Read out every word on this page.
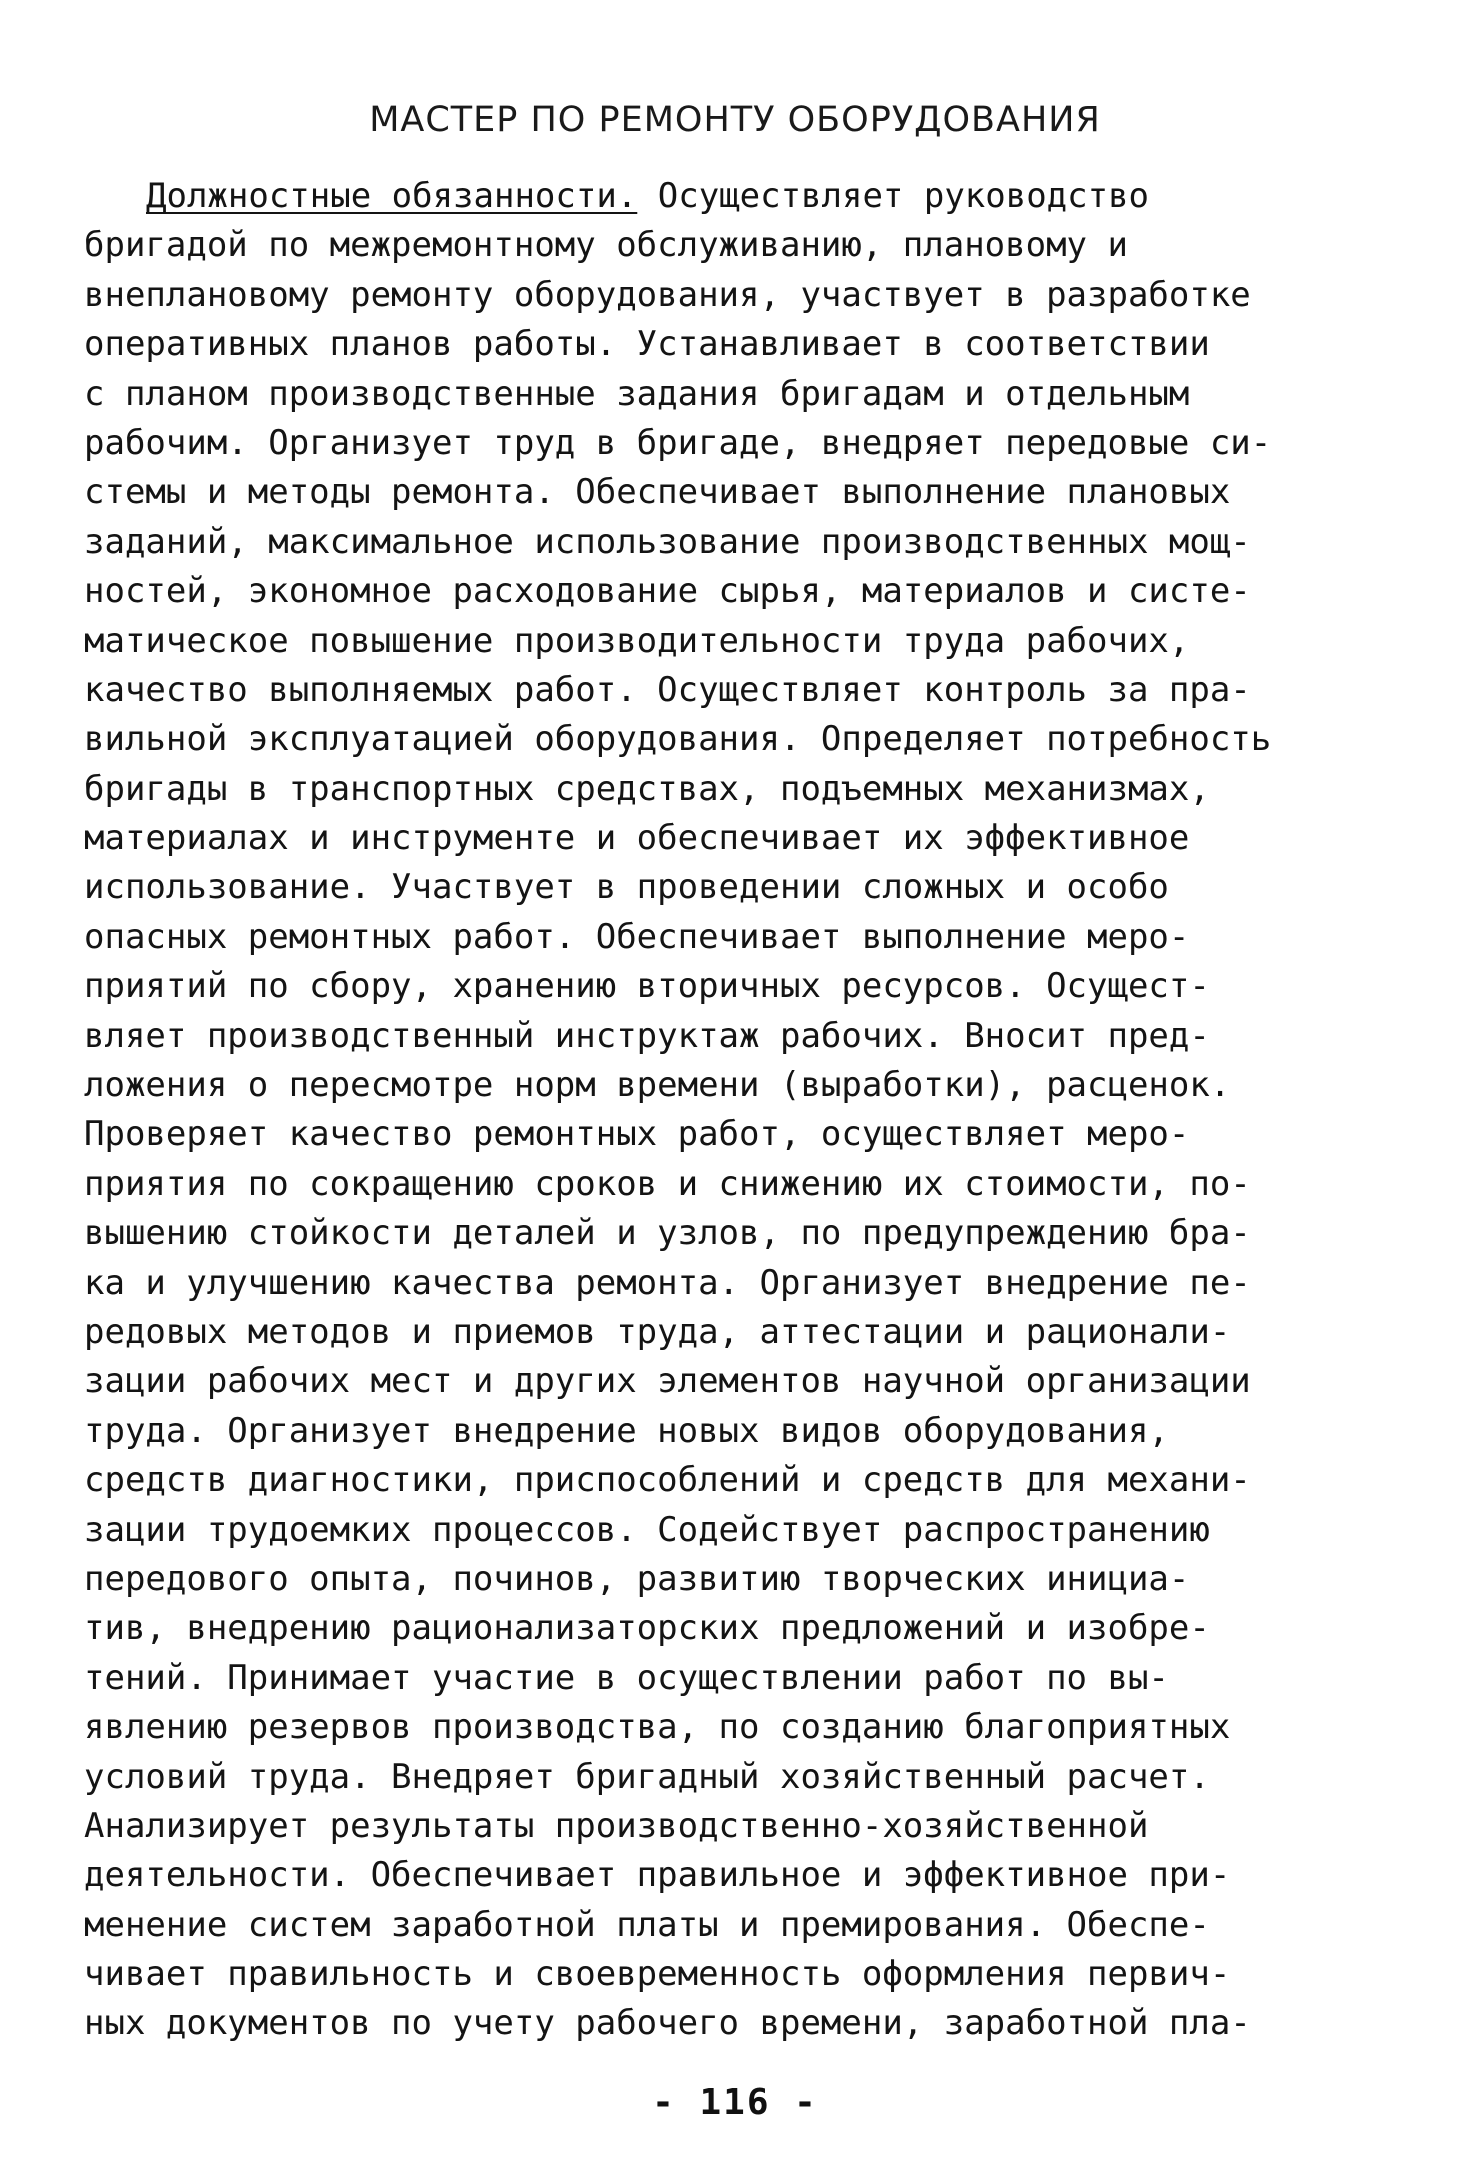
МАСТЕР ПО РЕМОНТУ ОБОРУДОВАНИЯ
Должностные обязанности. Осуществляет руководство
бригадой по межремонтному обслуживанию, плановому и
внеплановому ремонту оборудования, участвует в разработке
оперативных планов работы. Устанавливает в соответствии
с планом производственные задания бригадам и отдельным
рабочим. Организует труд в бригаде, внедряет передовые си-
стемы и методы ремонта. Обеспечивает выполнение плановых
заданий, максимальное использование производственных мощ-
ностей, экономное расходование сырья, материалов и систе-
матическое повышение производительности труда рабочих,
качество выполняемых работ. Осуществляет контроль за пра-
вильной эксплуатацией оборудования. Определяет потребность
бригады в транспортных средствах, подъемных механизмах,
материалах и инструменте и обеспечивает их эффективное
использование. Участвует в проведении сложных и особо
опасных ремонтных работ. Обеспечивает выполнение меро-
приятий по сбору, хранению вторичных ресурсов. Осущест-
вляет производственный инструктаж рабочих. Вносит пред-
ложения о пересмотре норм времени (выработки), расценок.
Проверяет качество ремонтных работ, осуществляет меро-
приятия по сокращению сроков и снижению их стоимости, по-
вышению стойкости деталей и узлов, по предупреждению бра-
ка и улучшению качества ремонта. Организует внедрение пе-
редовых методов и приемов труда, аттестации и рационали-
зации рабочих мест и других элементов научной организации
труда. Организует внедрение новых видов оборудования,
средств диагностики, приспособлений и средств для механи-
зации трудоемких процессов. Содействует распространению
передового опыта, починов, развитию творческих инициа-
тив, внедрению рационализаторских предложений и изобре-
тений. Принимает участие в осуществлении работ по вы-
явлению резервов производства, по созданию благоприятных
условий труда. Внедряет бригадный хозяйственный расчет.
Анализирует результаты производственно-хозяйственной
деятельности. Обеспечивает правильное и эффективное при-
менение систем заработной платы и премирования. Обеспе-
чивает правильность и своевременность оформления первич-
ных документов по учету рабочего времени, заработной пла-
- 116 -
